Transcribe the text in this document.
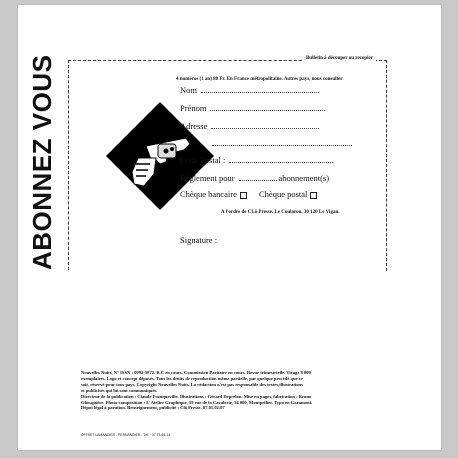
Bulletin à découper ou recopier
4 numéros (1 an) 80 Fr. En France métropolitaine. Autres pays, nous consulter
ABONNEZ VOUS	Nom
Prénom
Adresse
Code Postal :
Règlement pour	abonnement(s)
Chèque bancaire	Chèque postal
A l'ordre de CLô Presse. Le Coularou. 30 120 Le Vigan.
Signature :

Nouvelles Nuits, N° ISSN : 0992-5872. R.C en cours. Commission Paritaire en cours. Revue trimestrielle. Tirage 8 000

exemplaires. Logo et concept déposés. Tous les droits de reproduction même partielle, par quelque procédé que ce

soit, réservé pour tous pays. Copyright Nouvelles Nuits. La rédaction n'est pas responsable des textes,illustrations

et publicités qui lui sont communiqués.

Directeur de la publication : Claude Franqueville. Illustrations : Gérard Deprelon. Mise en pages, fabrication : Bruno

Ghesquière. Photo-composition : L'Atelier Graphique, 59 rue de la Cavalerie, 34 000, Montpellier. Typo en Garamont.

Dépot légal à parution. Renseignement, publicité : Clô Presse. 07.81.02.07

OFFSET LAMANDIER - PERNANDIER - Tél. : 07-73-65-14
